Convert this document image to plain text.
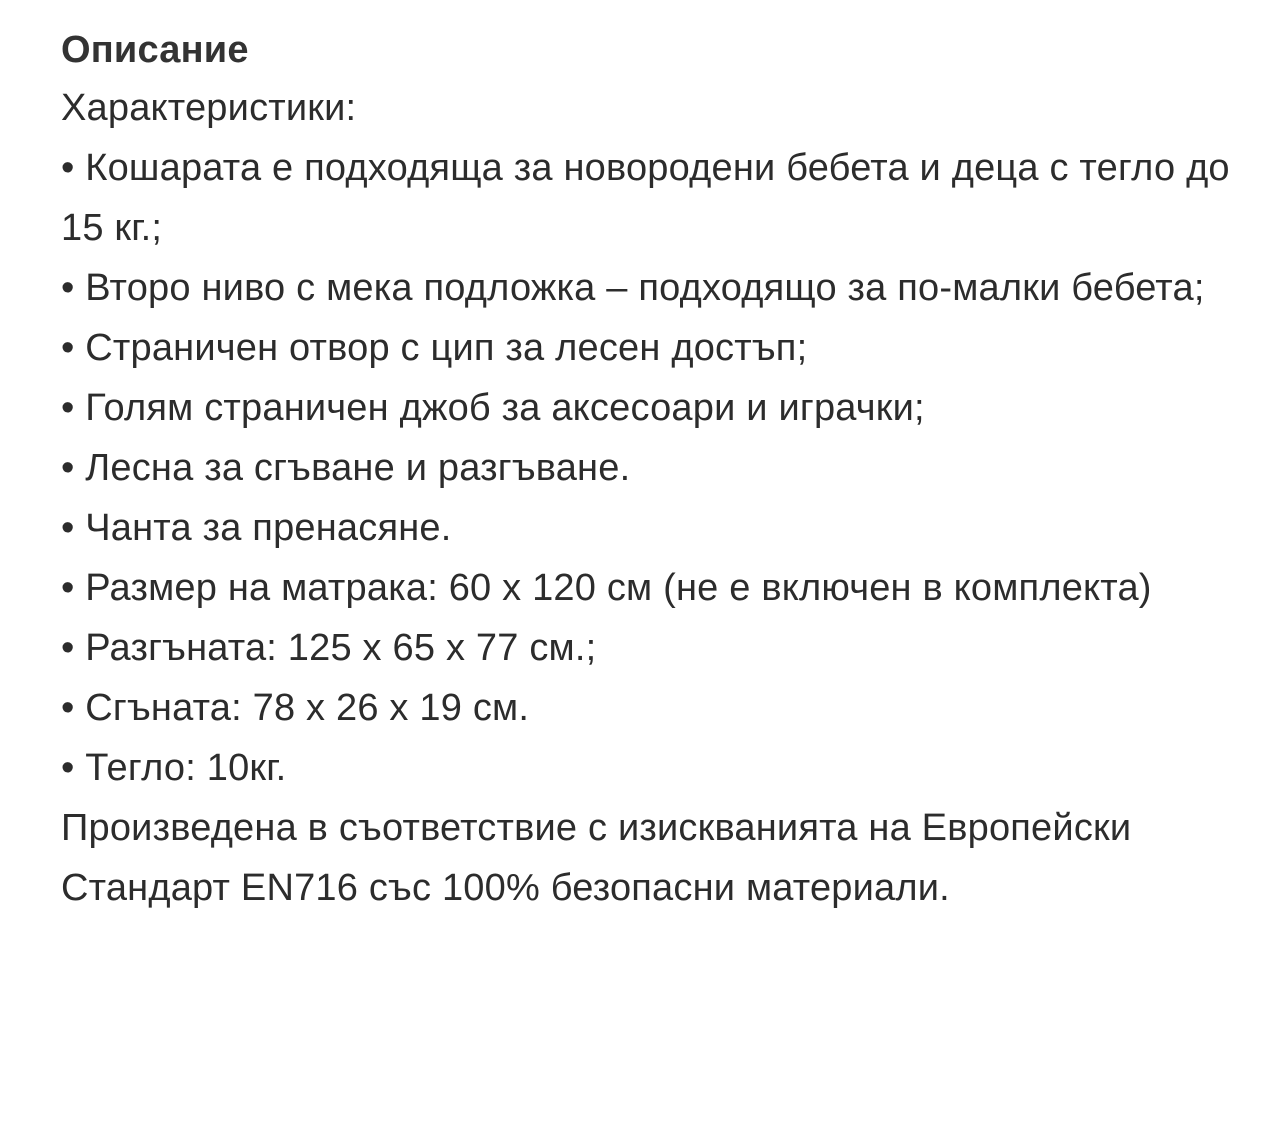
Описание

Характеристики:

• Кошарата е подходяща за новородени бебета и деца с тегло до 15 кг.;
• Второ ниво с мека подложка – подходящо за по-малки бебета;
• Страничен отвор с цип за лесен достъп;
• Голям страничен джоб за аксесоари и играчки;
• Лесна за сгъване и разгъване.
• Чанта за пренасяне.
• Размер на матрака: 60 х 120 см (не е включен в комплекта)
• Разгъната: 125 х 65 х 77 см.;
• Сгъната: 78 х 26 х 19 см.
• Тегло: 10кг.

Произведена в съответствие с изискванията на Европейски Стандарт EN716 със 100% безопасни материали.
